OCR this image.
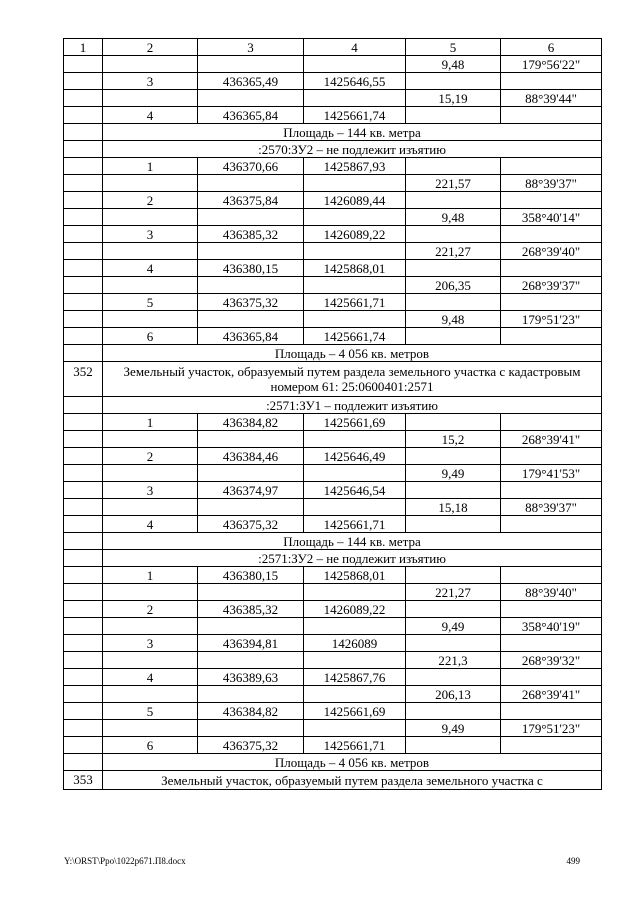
1	2	3	4	5	6
				9,48	179°56'22"
	3	436365,49	1425646,55		
				15,19	88°39'44"
	4	436365,84	1425661,74		
	Площадь – 144 кв. метра				
	:2570:ЗУ2 – не подлежит изъятию				
	1	436370,66	1425867,93		
				221,57	88°39'37"
	2	436375,84	1426089,44		
				9,48	358°40'14"
	3	436385,32	1426089,22		
				221,27	268°39'40"
	4	436380,15	1425868,01		
				206,35	268°39'37"
	5	436375,32	1425661,71		
				9,48	179°51'23"
	6	436365,84	1425661,74		
	Площадь – 4 056 кв. метров				
352	Земельный участок, образуемый путем раздела земельного участка с кадастровым номером 61: 25:0600401:2571				
	:2571:ЗУ1 – подлежит изъятию				
	1	436384,82	1425661,69		
				15,2	268°39'41"
	2	436384,46	1425646,49		
				9,49	179°41'53"
	3	436374,97	1425646,54		
				15,18	88°39'37"
	4	436375,32	1425661,71		
	Площадь – 144 кв. метра				
	:2571:ЗУ2 – не подлежит изъятию				
	1	436380,15	1425868,01		
				221,27	88°39'40"
	2	436385,32	1426089,22		
				9,49	358°40'19"
	3	436394,81	1426089		
				221,3	268°39'32"
	4	436389,63	1425867,76		
				206,13	268°39'41"
	5	436384,82	1425661,69		
				9,49	179°51'23"
	6	436375,32	1425661,71		
	Площадь – 4 056 кв. метров				
353	Земельный участок, образуемый путем раздела земельного участка с				
Y:\ORST\Ppo\1022p671.П8.docx	499
